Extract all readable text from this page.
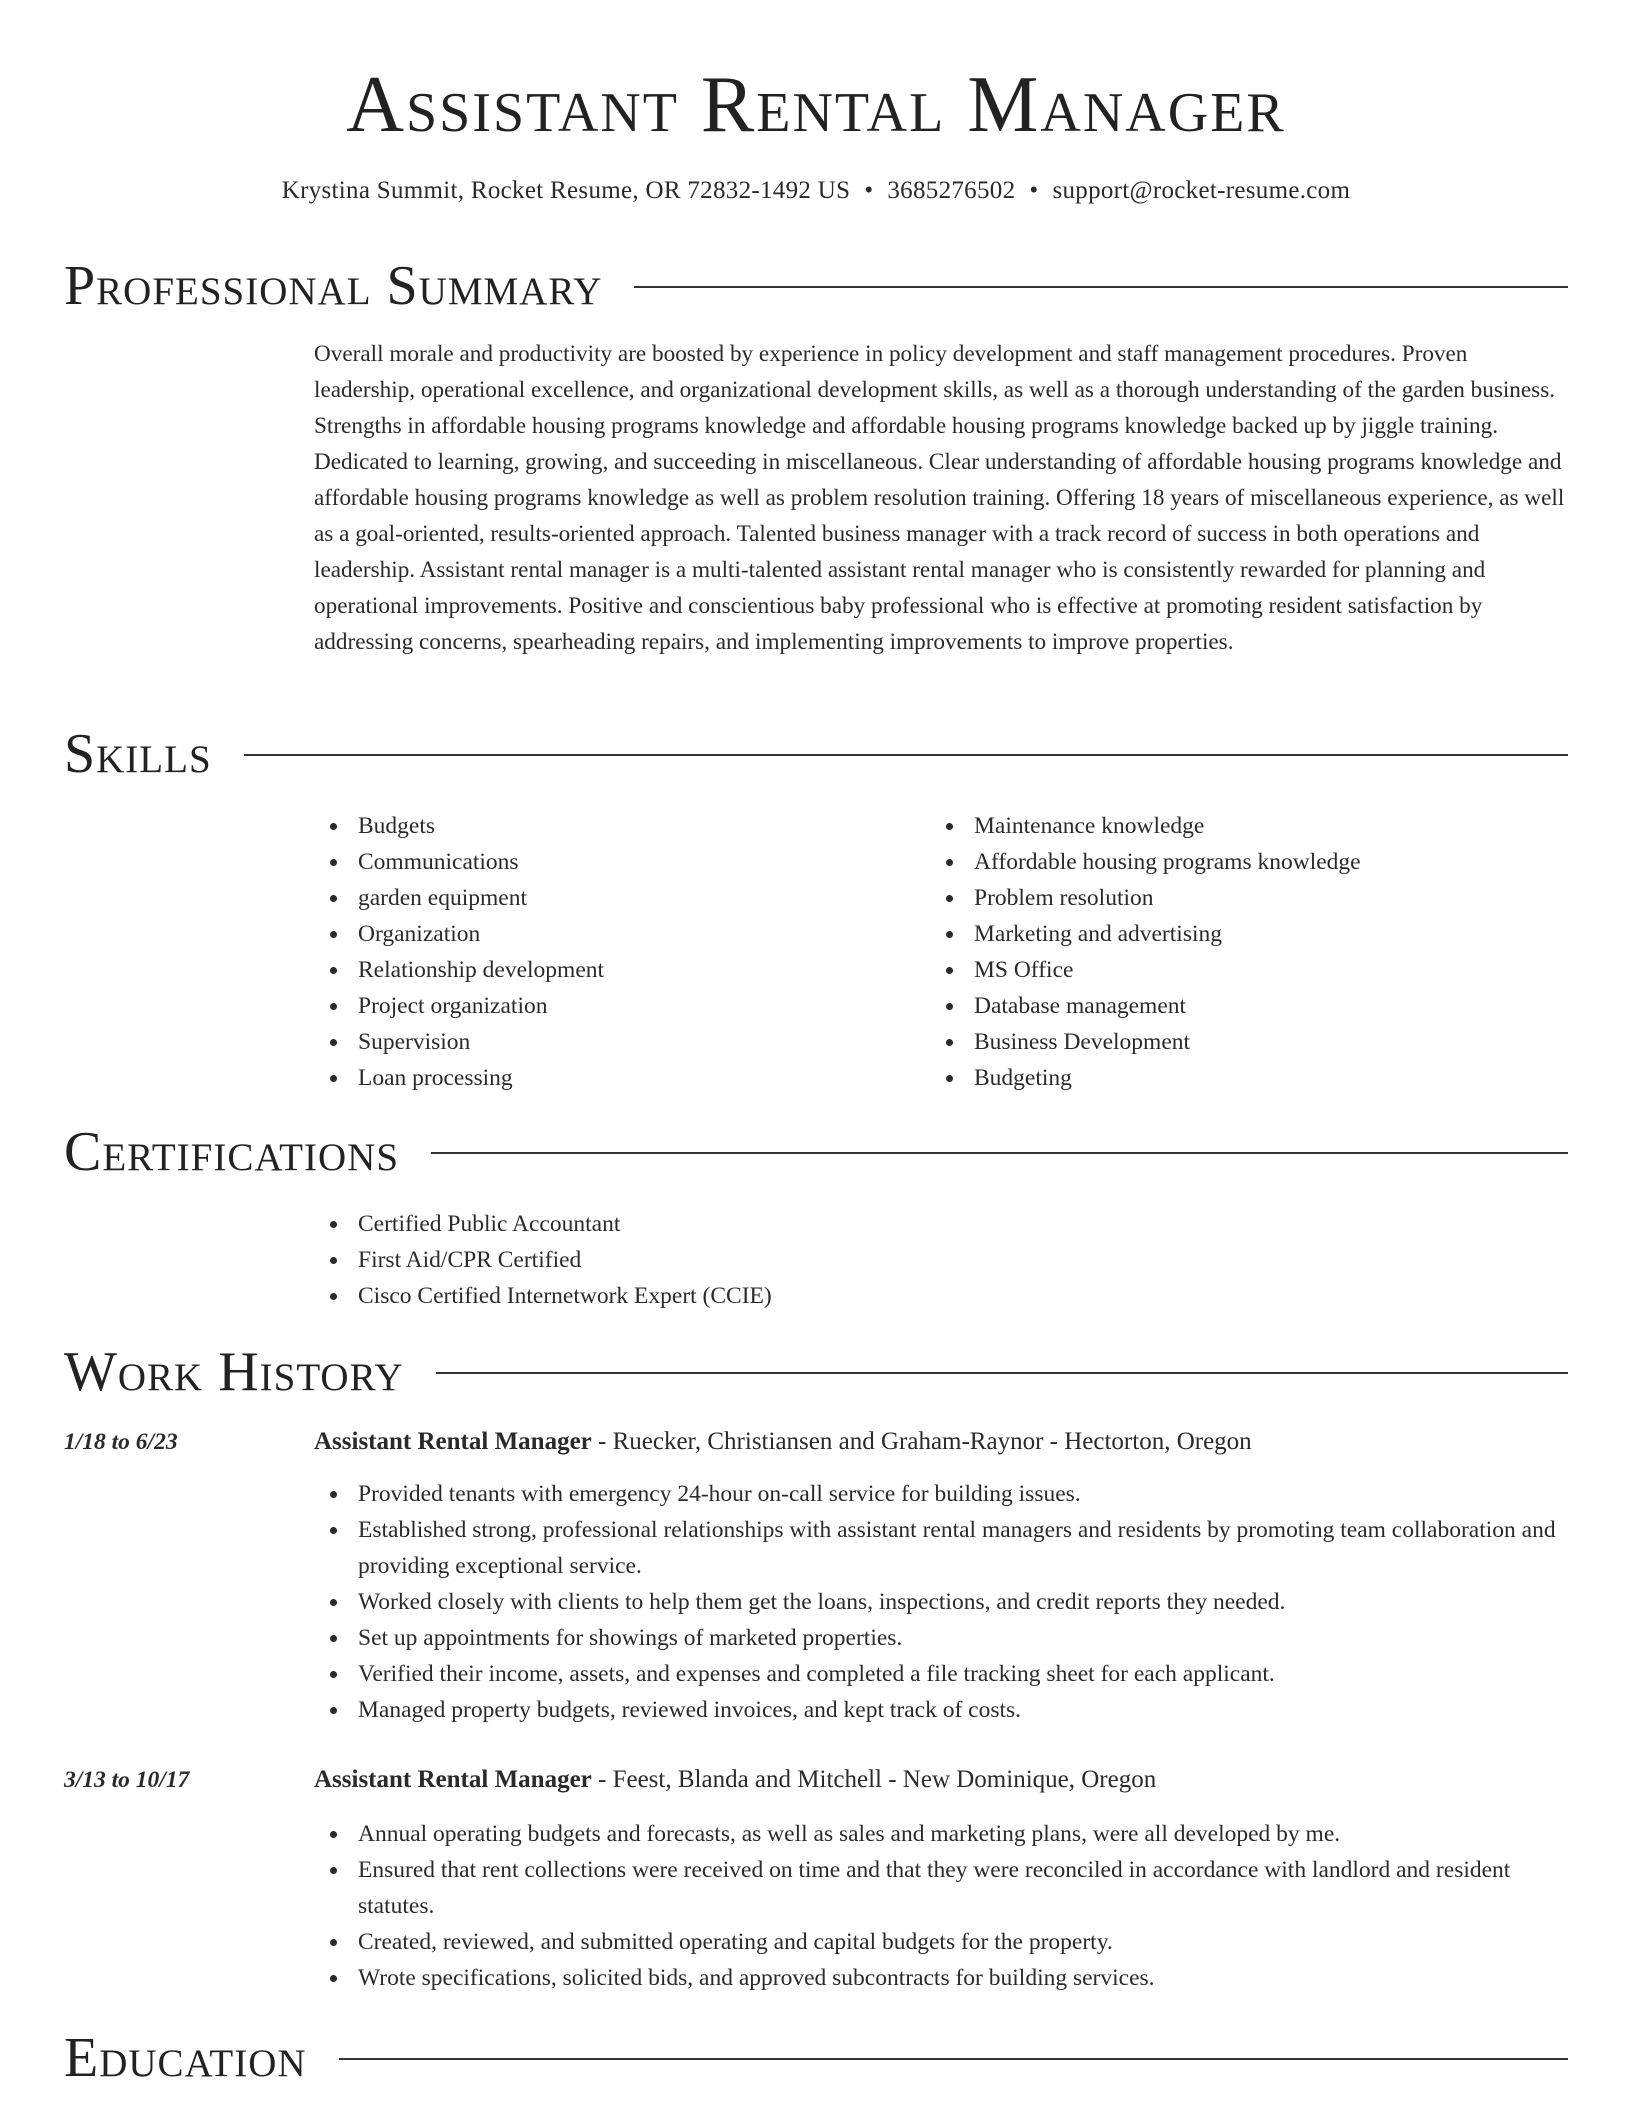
Assistant Rental Manager
Krystina Summit, Rocket Resume, OR 72832-1492 US • 3685276502 • support@rocket-resume.com
Professional Summary

Overall morale and productivity are boosted by experience in policy development and staff management procedures. Proven leadership, operational excellence, and organizational development skills, as well as a thorough understanding of the garden business. Strengths in affordable housing programs knowledge and affordable housing programs knowledge backed up by jiggle training. Dedicated to learning, growing, and succeeding in miscellaneous. Clear understanding of affordable housing programs knowledge and affordable housing programs knowledge as well as problem resolution training. Offering 18 years of miscellaneous experience, as well as a goal-oriented, results-oriented approach. Talented business manager with a track record of success in both operations and leadership. Assistant rental manager is a multi-talented assistant rental manager who is consistently rewarded for planning and operational improvements. Positive and conscientious baby professional who is effective at promoting resident satisfaction by addressing concerns, spearheading repairs, and implementing improvements to improve properties.

Skills
Budgets
Communications
garden equipment
Organization
Relationship development
Project organization
Supervision
Loan processing
Maintenance knowledge
Affordable housing programs knowledge
Problem resolution
Marketing and advertising
MS Office
Database management
Business Development
Budgeting
Certifications
Certified Public Accountant
First Aid/CPR Certified
Cisco Certified Internetwork Expert (CCIE)
Work History
1/18 to 6/23	Assistant Rental Manager - Ruecker, Christiansen and Graham-Raynor - Hectorton, Oregon
Provided tenants with emergency 24-hour on-call service for building issues.
Established strong, professional relationships with assistant rental managers and residents by promoting team collaboration and providing exceptional service.
Worked closely with clients to help them get the loans, inspections, and credit reports they needed.
Set up appointments for showings of marketed properties.
Verified their income, assets, and expenses and completed a file tracking sheet for each applicant.
Managed property budgets, reviewed invoices, and kept track of costs.
3/13 to 10/17	Assistant Rental Manager - Feest, Blanda and Mitchell - New Dominique, Oregon
Annual operating budgets and forecasts, as well as sales and marketing plans, were all developed by me.
Ensured that rent collections were received on time and that they were reconciled in accordance with landlord and resident statutes.
Created, reviewed, and submitted operating and capital budgets for the property.
Wrote specifications, solicited bids, and approved subcontracts for building services.
Education
